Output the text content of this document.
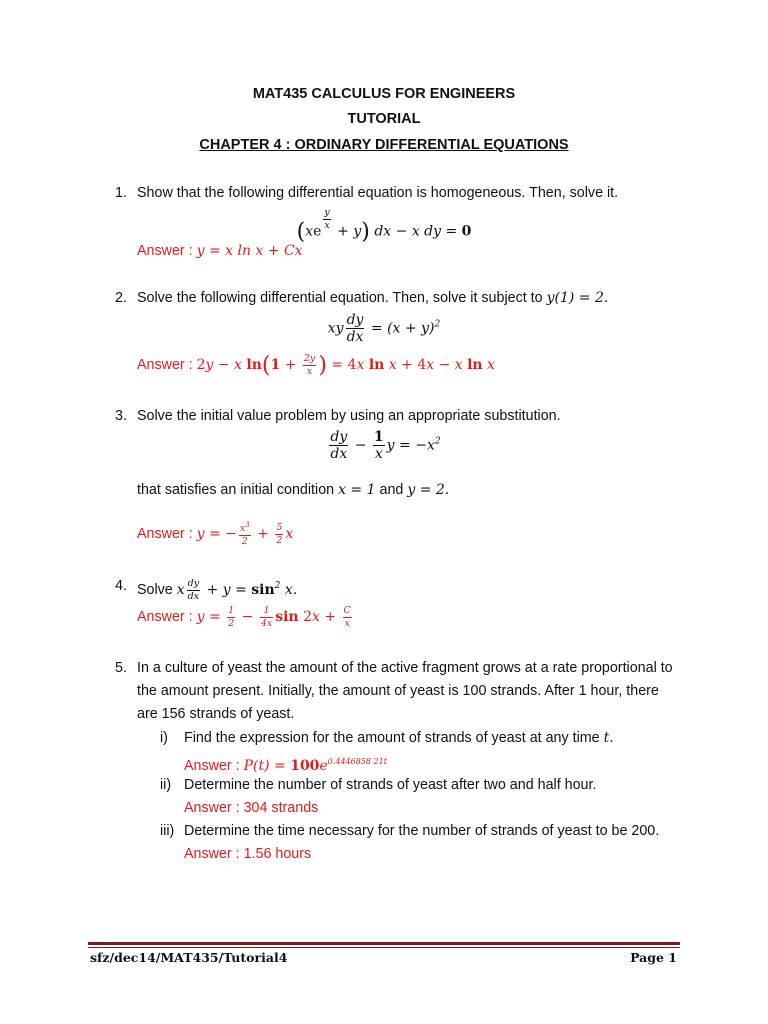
MAT435 CALCULUS FOR ENGINEERS
TUTORIAL
CHAPTER 4 : ORDINARY DIFFERENTIAL EQUATIONS
1. Show that the following differential equation is homogeneous. Then, solve it.
(xe
$\frac{y}{x}$
+ y) dx − x dy = 0
Answer : y = x ln x + Cx
2. Solve the following differential equation. Then, solve it subject to y(1) = 2.
xy $\frac{dy}{dx} = (x + y)^2$
Answer : 2y − x $\ln(1 + \frac{2y}{x}$ ) = 4x ln x + 4x − x ln x
3. Solve the initial value problem by using an appropriate substitution.
$\frac{dy}{dx} - \frac{1}{x}$ $y = -x^2$
that satisfies an initial condition x = 1 and y = 2.
Answer : y = − $\frac{x^3}{2} + \frac{5}{2}$ x
4. Solve x $\frac{dy}{dx} + y = \sin^2 x$.
Answer : $y = \frac{1}{2} - \frac{1}{4x}$ $\sin 2x + \frac{C}{x}$
5. In a culture of yeast the amount of the active fragment grows at a rate proportional to
the amount present. Initially, the amount of yeast is 100 strands. After 1 hour, there
are 156 strands of yeast.
i) Find the expression for the amount of strands of yeast at any time t.
Answer : $P(t) = 100e^{0.4446858 21t}$
ii) Determine the number of strands of yeast after two and half hour.
Answer : 304 strands
iii) Determine the time necessary for the number of strands of yeast to be 200.
Answer : 1.56 hours
sfz/dec14/MAT435/Tutorial4	Page 1
